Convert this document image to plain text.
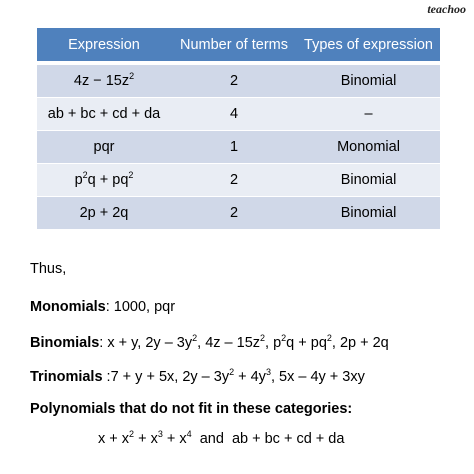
teachoo
Expression	Number of terms	Types of expression
$4z - 15z^2$	2	Binomial
ab + bc + cd + da	4	–
pqr	1	Monomial
$p^2q + pq^2$	2	Binomial
2p + 2q	2	Binomial
Thus,
Monomials: 1000, pqr
Binomials: x + y, $2y - 3y^2$, $4z - 15z^2$, $p^2q + pq^2$, 2p + 2q
Trinomials :7 + y + 5x, $2y - 3y^2 + 4y^3$, 5x – 4y + 3xy
Polynomials that do not fit in these categories:
$x + x^2 + x^3 + x^4$  and  ab + bc + cd + da
